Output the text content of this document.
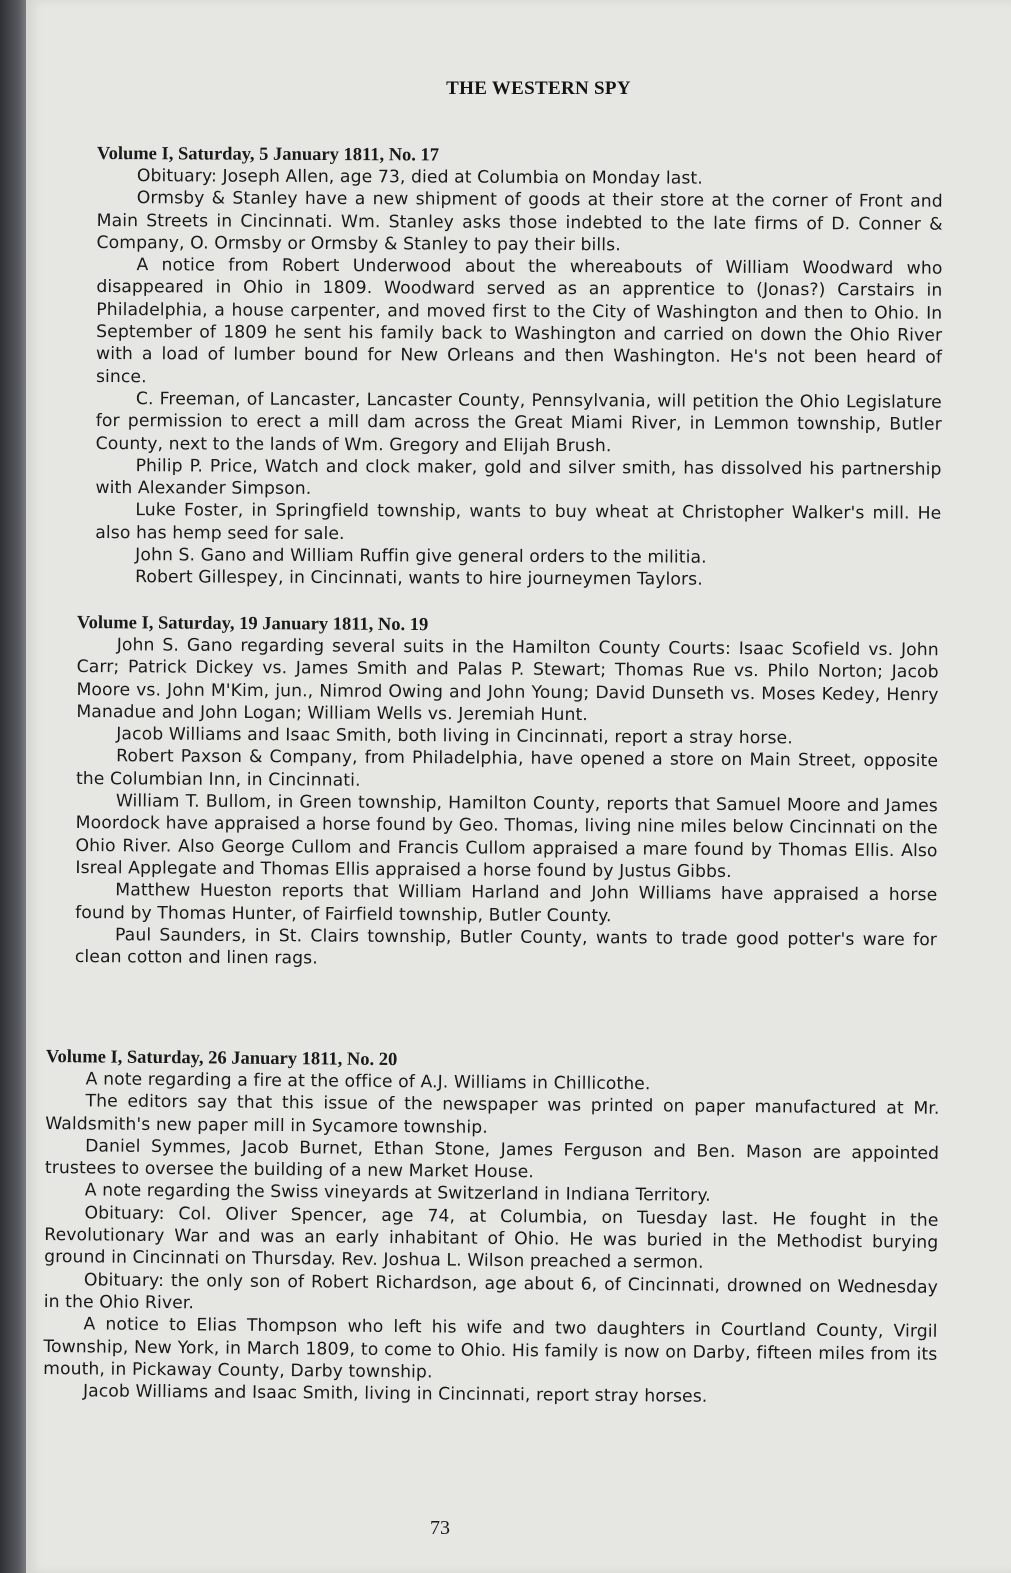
THE WESTERN SPY
Volume I, Saturday, 5 January 1811, No. 17

Obituary: Joseph Allen, age 73, died at Columbia on Monday last.

Ormsby & Stanley have a new shipment of goods at their store at the corner of Front and Main Streets in Cincinnati. Wm. Stanley asks those indebted to the late firms of D. Conner & Company, O. Ormsby or Ormsby & Stanley to pay their bills.

A notice from Robert Underwood about the whereabouts of William Woodward who disappeared in Ohio in 1809. Woodward served as an apprentice to (Jonas?) Carstairs in Philadelphia, a house carpenter, and moved first to the City of Washington and then to Ohio. In September of 1809 he sent his family back to Washington and carried on down the Ohio River with a load of lumber bound for New Orleans and then Washington. He's not been heard of since.

C. Freeman, of Lancaster, Lancaster County, Pennsylvania, will petition the Ohio Legislature for permission to erect a mill dam across the Great Miami River, in Lemmon township, Butler County, next to the lands of Wm. Gregory and Elijah Brush.

Philip P. Price, Watch and clock maker, gold and silver smith, has dissolved his partnership with Alexander Simpson.

Luke Foster, in Springfield township, wants to buy wheat at Christopher Walker's mill. He also has hemp seed for sale.

John S. Gano and William Ruffin give general orders to the militia.

Robert Gillespey, in Cincinnati, wants to hire journeymen Taylors.

Volume I, Saturday, 19 January 1811, No. 19

John S. Gano regarding several suits in the Hamilton County Courts: Isaac Scofield vs. John Carr; Patrick Dickey vs. James Smith and Palas P. Stewart; Thomas Rue vs. Philo Norton; Jacob Moore vs. John M'Kim, jun., Nimrod Owing and John Young; David Dunseth vs. Moses Kedey, Henry Manadue and John Logan; William Wells vs. Jeremiah Hunt.

Jacob Williams and Isaac Smith, both living in Cincinnati, report a stray horse.

Robert Paxson & Company, from Philadelphia, have opened a store on Main Street, opposite the Columbian Inn, in Cincinnati.

William T. Bullom, in Green township, Hamilton County, reports that Samuel Moore and James Moordock have appraised a horse found by Geo. Thomas, living nine miles below Cincinnati on the Ohio River. Also George Cullom and Francis Cullom appraised a mare found by Thomas Ellis. Also Isreal Applegate and Thomas Ellis appraised a horse found by Justus Gibbs.

Matthew Hueston reports that William Harland and John Williams have appraised a horse found by Thomas Hunter, of Fairfield township, Butler County.

Paul Saunders, in St. Clairs township, Butler County, wants to trade good potter's ware for clean cotton and linen rags.

Volume I, Saturday, 26 January 1811, No. 20

A note regarding a fire at the office of A.J. Williams in Chillicothe.

The editors say that this issue of the newspaper was printed on paper manufactured at Mr. Waldsmith's new paper mill in Sycamore township.

Daniel Symmes, Jacob Burnet, Ethan Stone, James Ferguson and Ben. Mason are appointed trustees to oversee the building of a new Market House.

A note regarding the Swiss vineyards at Switzerland in Indiana Territory.

Obituary: Col. Oliver Spencer, age 74, at Columbia, on Tuesday last. He fought in the Revolutionary War and was an early inhabitant of Ohio. He was buried in the Methodist burying ground in Cincinnati on Thursday. Rev. Joshua L. Wilson preached a sermon.

Obituary: the only son of Robert Richardson, age about 6, of Cincinnati, drowned on Wednesday in the Ohio River.

A notice to Elias Thompson who left his wife and two daughters in Courtland County, Virgil Township, New York, in March 1809, to come to Ohio. His family is now on Darby, fifteen miles from its mouth, in Pickaway County, Darby township.

Jacob Williams and Isaac Smith, living in Cincinnati, report stray horses.

73
